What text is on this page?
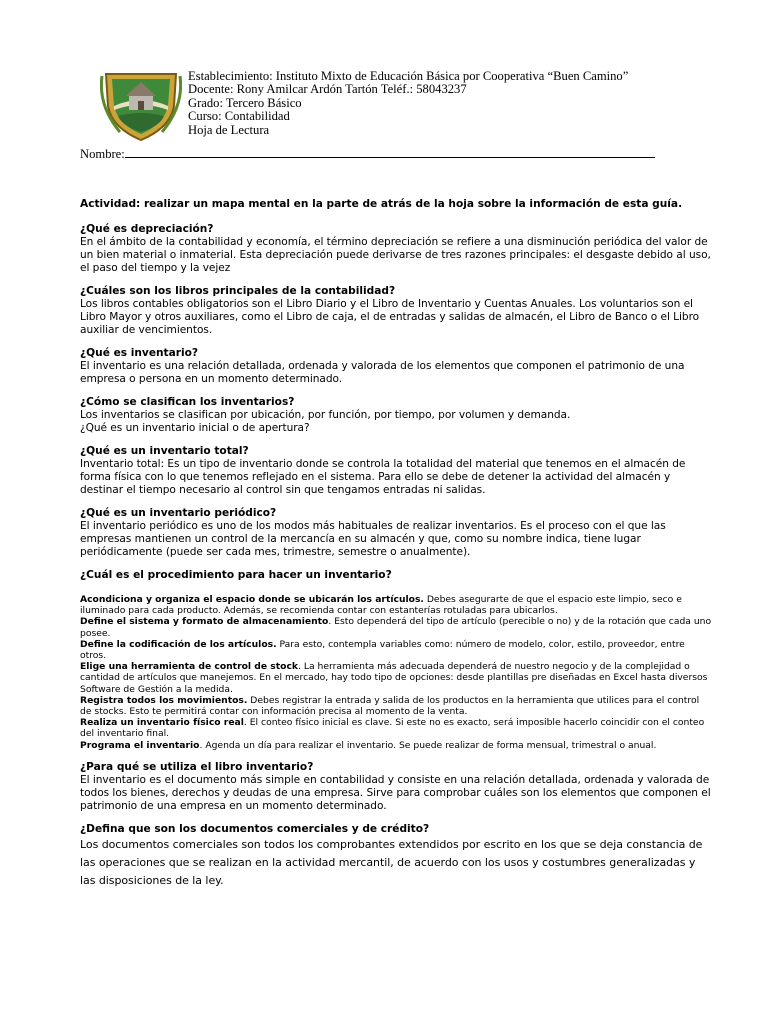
Establecimiento: Instituto Mixto de Educación Básica por Cooperativa “Buen Camino”
Docente: Rony Amilcar Ardón Tartón Teléf.: 58043237
Grado: Tercero Básico
Curso: Contabilidad
Hoja de Lectura
Nombre:

Actividad: realizar un mapa mental en la parte de atrás de la hoja sobre la información de esta guía.

¿Qué es depreciación?

En el ámbito de la contabilidad y economía, el término depreciación se refiere a una disminución periódica del valor de un bien material o inmaterial. Esta depreciación puede derivarse de tres razones principales: el desgaste debido al uso, el paso del tiempo y la vejez

¿Cuáles son los libros principales de la contabilidad?

Los libros contables obligatorios son el Libro Diario y el Libro de Inventario y Cuentas Anuales. Los voluntarios son el Libro Mayor y otros auxiliares, como el Libro de caja, el de entradas y salidas de almacén, el Libro de Banco o el Libro auxiliar de vencimientos.

¿Qué es inventario?

El inventario es una relación detallada, ordenada y valorada de los elementos que componen el patrimonio de una empresa o persona en un momento determinado.

¿Cómo se clasifican los inventarios?

Los inventarios se clasifican por ubicación, por función, por tiempo, por volumen y demanda.

¿Qué es un inventario inicial o de apertura?

¿Qué es un inventario total?

Inventario total: Es un tipo de inventario donde se controla la totalidad del material que tenemos en el almacén de forma física con lo que tenemos reflejado en el sistema. Para ello se debe de detener la actividad del almacén y destinar el tiempo necesario al control sin que tengamos entradas ni salidas.

¿Qué es un inventario periódico?

El inventario periódico es uno de los modos más habituales de realizar inventarios. Es el proceso con el que las empresas mantienen un control de la mercancía en su almacén y que, como su nombre indica, tiene lugar periódicamente (puede ser cada mes, trimestre, semestre o anualmente).

¿Cuál es el procedimiento para hacer un inventario?

Acondiciona y organiza el espacio donde se ubicarán los artículos. Debes asegurarte de que el espacio este limpio, seco e iluminado para cada producto. Además, se recomienda contar con estanterías rotuladas para ubicarlos.

Define el sistema y formato de almacenamiento. Esto dependerá del tipo de artículo (perecible o no) y de la rotación que cada uno posee.

Define la codificación de los artículos. Para esto, contempla variables como: número de modelo, color, estilo, proveedor, entre otros.

Elige una herramienta de control de stock. La herramienta más adecuada dependerá de nuestro negocio y de la complejidad o cantidad de artículos que manejemos. En el mercado, hay todo tipo de opciones: desde plantillas pre diseñadas en Excel hasta diversos Software de Gestión a la medida.

Registra todos los movimientos. Debes registrar la entrada y salida de los productos en la herramienta que utilices para el control de stocks. Esto te permitirá contar con información precisa al momento de la venta.

Realiza un inventario físico real. El conteo físico inicial es clave. Si este no es exacto, será imposible hacerlo coincidir con el conteo del inventario final.

Programa el inventario. Agenda un día para realizar el inventario. Se puede realizar de forma mensual, trimestral o anual.

¿Para qué se utiliza el libro inventario?

El inventario es el documento más simple en contabilidad y consiste en una relación detallada, ordenada y valorada de todos los bienes, derechos y deudas de una empresa. Sirve para comprobar cuáles son los elementos que componen el patrimonio de una empresa en un momento determinado.

¿Defina que son los documentos comerciales y de crédito?

Los documentos comerciales son todos los comprobantes extendidos por escrito en los que se deja constancia de las operaciones que se realizan en la actividad mercantil, de acuerdo con los usos y costumbres generalizadas y las disposiciones de la ley.
